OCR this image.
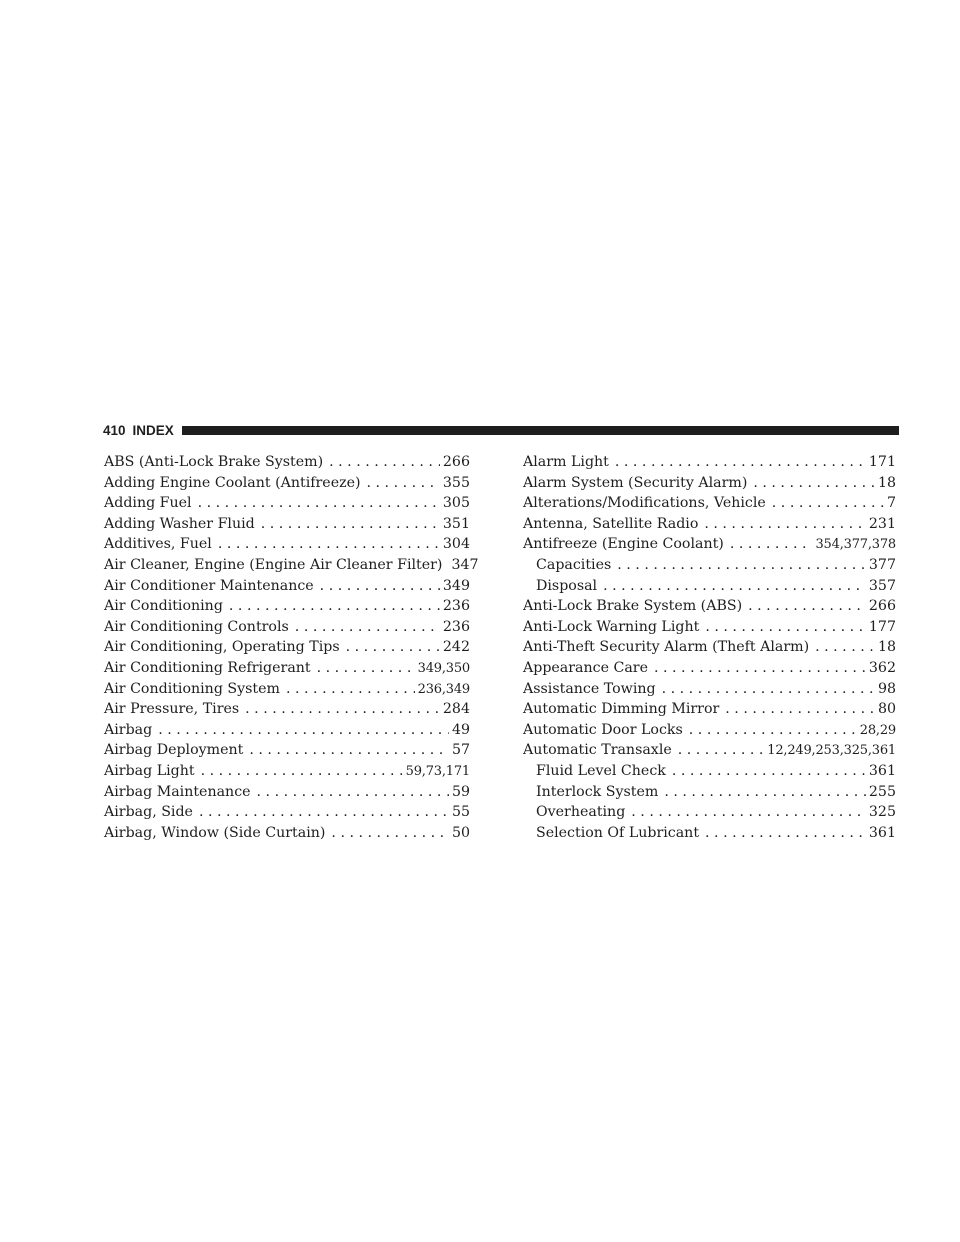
410 INDEX
ABS (Anti-Lock Brake System) . . .	266
Adding Engine Coolant (Antifreeze) . . .	355
Adding Fuel . . .	305
Adding Washer Fluid . . .	351
Additives, Fuel . . .	304
Air Cleaner, Engine (Engine Air Cleaner Filter) 347
Air Conditioner Maintenance . . .	349
Air Conditioning . . .	236
Air Conditioning Controls . . .	236
Air Conditioning, Operating Tips . . .	242
Air Conditioning Refrigerant . . .	349,350
Air Conditioning System . . .	236,349
Air Pressure, Tires . . .	284
Airbag . . .	49
Airbag Deployment . . .	57
Airbag Light . . .	59,73,171
Airbag Maintenance . . .	59
Airbag, Side . . .	55
Airbag, Window (Side Curtain) . . .	50
Alarm Light . . .	171
Alarm System (Security Alarm) . . .	18
Alterations/Modifications, Vehicle . . .	7
Antenna, Satellite Radio . . .	231
Antifreeze (Engine Coolant) . . .	354,377,378
Capacities . . .	377
Disposal . . .	357
Anti-Lock Brake System (ABS) . . .	266
Anti-Lock Warning Light . . .	177
Anti-Theft Security Alarm (Theft Alarm) . . .	18
Appearance Care . . .	362
Assistance Towing . . .	98
Automatic Dimming Mirror . . .	80
Automatic Door Locks . . .	28,29
Automatic Transaxle . . .	12,249,253,325,361
Fluid Level Check . . .	361
Interlock System . . .	255
Overheating . . .	325
Selection Of Lubricant . . .	361
